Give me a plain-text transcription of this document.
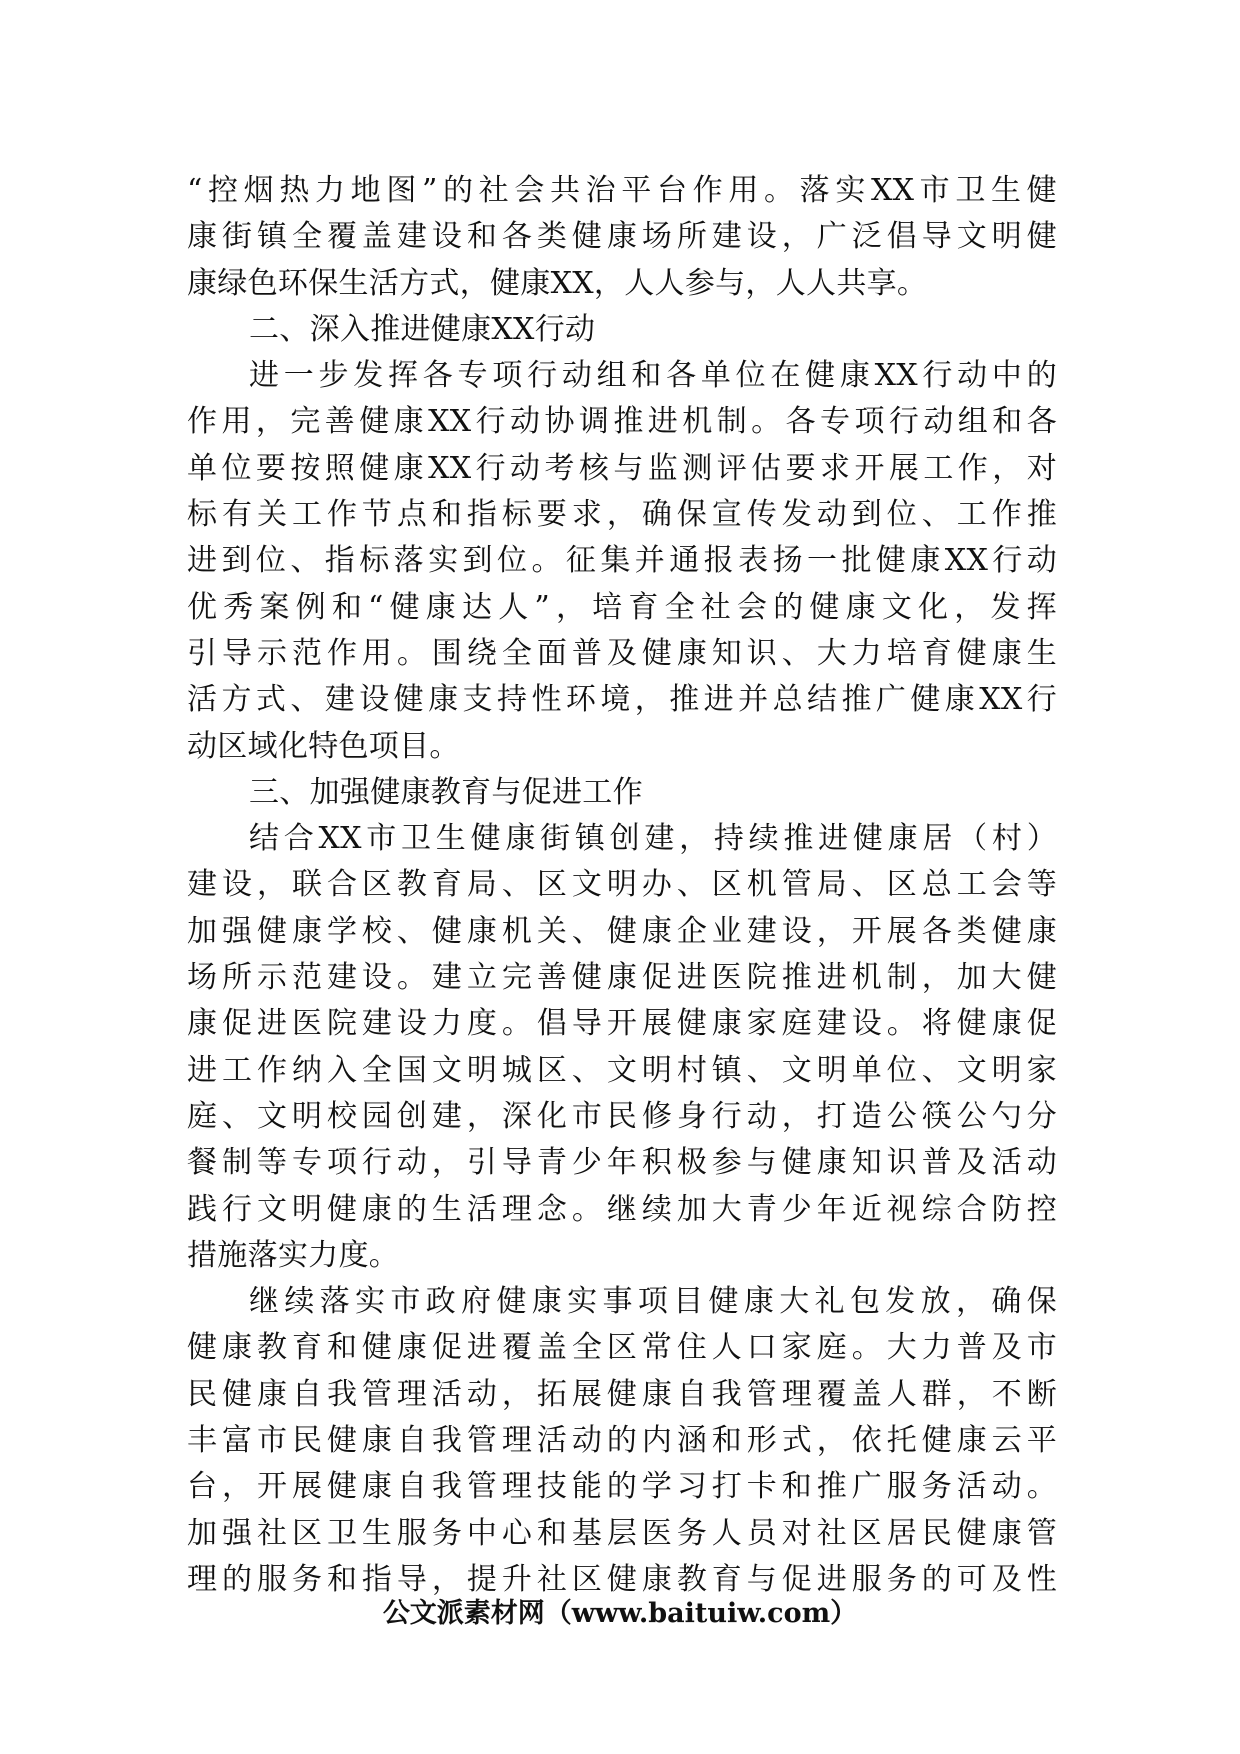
“控烟热力地图”的社会共治平台作用。落实XX市卫生健
康街镇全覆盖建设和各类健康场所建设，广泛倡导文明健
康绿色环保生活方式，健康XX，人人参与，人人共享。
二、深入推进健康XX行动
进一步发挥各专项行动组和各单位在健康XX行动中的
作用，完善健康XX行动协调推进机制。各专项行动组和各
单位要按照健康XX行动考核与监测评估要求开展工作，对
标有关工作节点和指标要求，确保宣传发动到位、工作推
进到位、指标落实到位。征集并通报表扬一批健康XX行动
优秀案例和“健康达人”，培育全社会的健康文化，发挥
引导示范作用。围绕全面普及健康知识、大力培育健康生
活方式、建设健康支持性环境，推进并总结推广健康XX行
动区域化特色项目。
三、加强健康教育与促进工作
结合XX市卫生健康街镇创建，持续推进健康居（村）
建设，联合区教育局、区文明办、区机管局、区总工会等
加强健康学校、健康机关、健康企业建设，开展各类健康
场所示范建设。建立完善健康促进医院推进机制，加大健
康促进医院建设力度。倡导开展健康家庭建设。将健康促
进工作纳入全国文明城区、文明村镇、文明单位、文明家
庭、文明校园创建，深化市民修身行动，打造公筷公勺分
餐制等专项行动，引导青少年积极参与健康知识普及活动
践行文明健康的生活理念。继续加大青少年近视综合防控
措施落实力度。
继续落实市政府健康实事项目健康大礼包发放，确保
健康教育和健康促进覆盖全区常住人口家庭。大力普及市
民健康自我管理活动，拓展健康自我管理覆盖人群，不断
丰富市民健康自我管理活动的内涵和形式，依托健康云平
台，开展健康自我管理技能的学习打卡和推广服务活动。
加强社区卫生服务中心和基层医务人员对社区居民健康管
理的服务和指导，提升社区健康教育与促进服务的可及性
公文派素材网（www.baituiw.com）
